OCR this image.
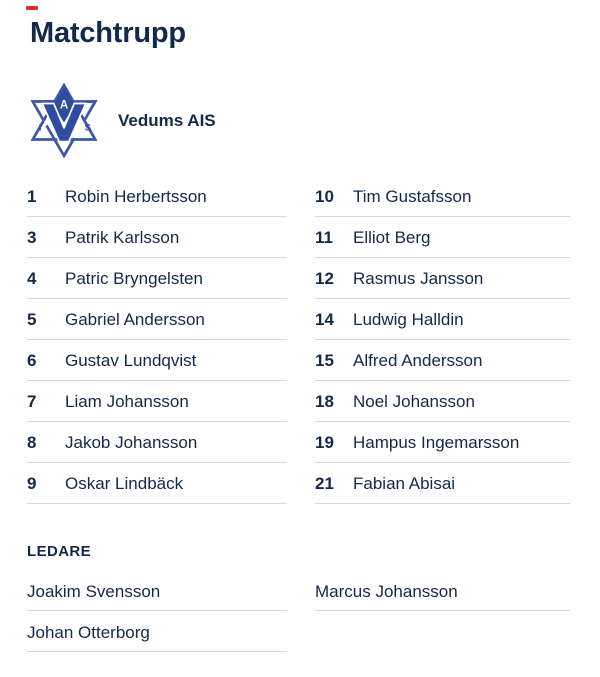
Matchtrupp
A
I	S Vedums AIS
1	Robin Herbertsson
3	Patrik Karlsson
4	Patric Bryngelsten
5	Gabriel Andersson
6	Gustav Lundqvist
7	Liam Johansson
8	Jakob Johansson
9	Oskar Lindbäck
10	Tim Gustafsson
11	Elliot Berg
12	Rasmus Jansson
14	Ludwig Halldin
15	Alfred Andersson
18	Noel Johansson
19	Hampus Ingemarsson
21	Fabian Abisai
LEDARE
Joakim Svensson
Johan Otterborg
Marcus Johansson
